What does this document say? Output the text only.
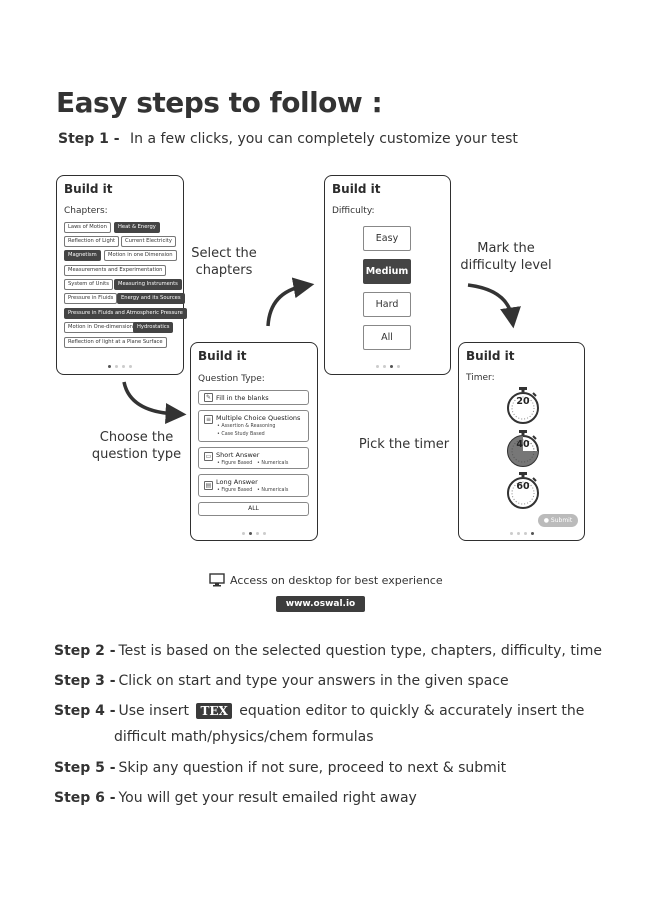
Easy steps to follow :
Step 1 - In a few clicks, you can completely customize your test
Build it
Chapters:
Laws of Motion	Heat & Energy
Reflection of Light	Current Electricity
Magnetism	Motion in one Dimension
Measurements and Experimentation
System of Units	Measuring Instruments
Pressure in Fluids	Energy and its Sources
Pressure in Fluids and Atmospheric Pressure
Motion in One-dimension Hydrostatics
Reflection of light at a Plane Surface
Build it
Question Type:
✎ Fill in the blanks
≡ Multiple Choice Questions
• Assertion & Reasoning
• Case Study Based
▭ Short Answer
• Figure Based • Numericals
▤ Long Answer
• Figure Based • Numericals
ALL
Build it
Difficulty:
Easy
Medium
Hard
All
Build it
Timer:
20
40
60
● Submit
Select the
chapters
Choose the
question type
Mark the
difficulty level
Pick the timer
Access on desktop for best experience
www.oswal.io
Step 2 - Test is based on the selected question type, chapters, difficulty, time
Step 3 - Click on start and type your answers in the given space
Step 4 - Use insert TEX equation editor to quickly & accurately insert the
difficult math/physics/chem formulas
Step 5 - Skip any question if not sure, proceed to next & submit
Step 6 - You will get your result emailed right away
